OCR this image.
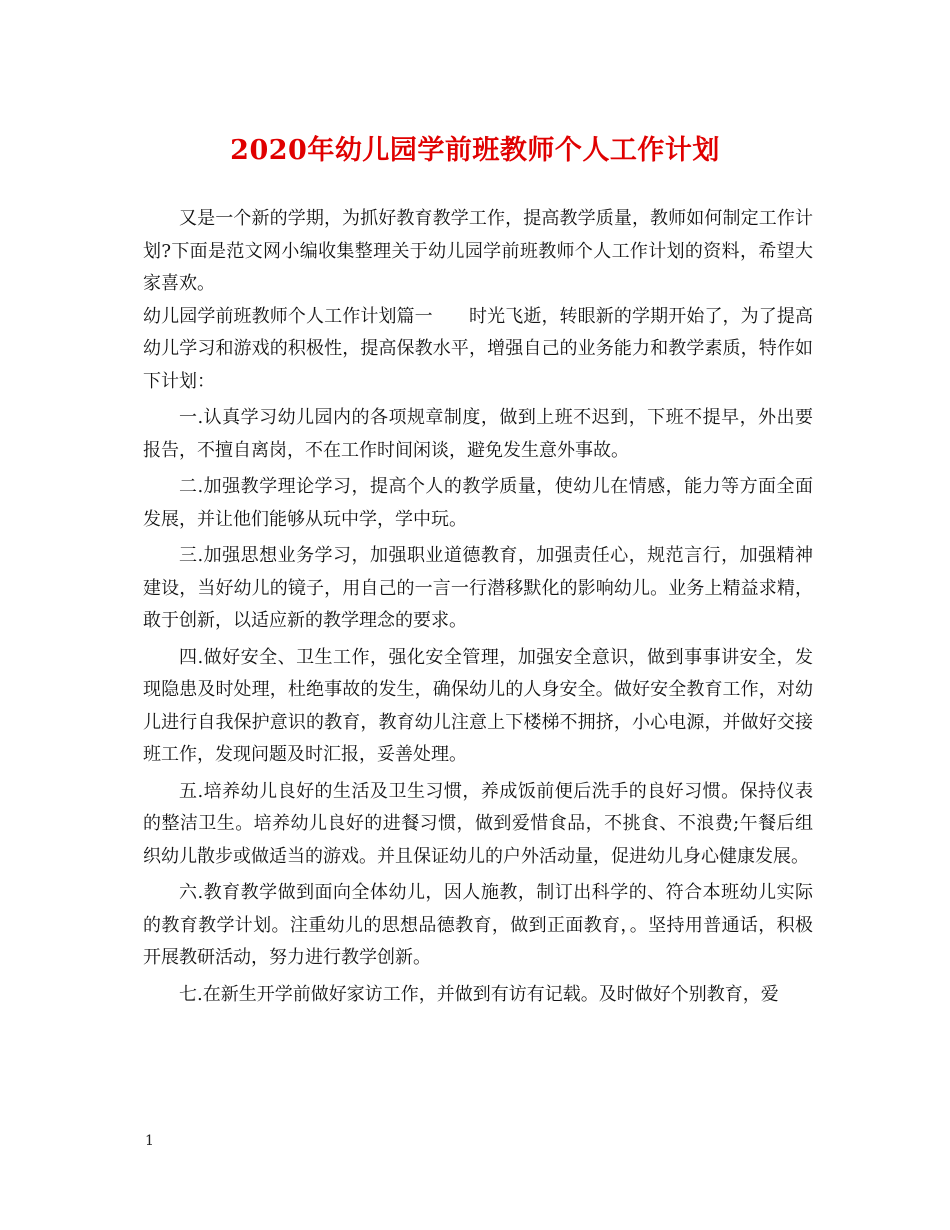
2020年幼儿园学前班教师个人工作计划

又是一个新的学期，为抓好教育教学工作，提高教学质量，教师如何制定工作计划?下面是范文网小编收集整理关于幼儿园学前班教师个人工作计划的资料，希望大家喜欢。

幼儿园学前班教师个人工作计划篇一　　时光飞逝，转眼新的学期开始了，为了提高幼儿学习和游戏的积极性，提高保教水平，增强自己的业务能力和教学素质，特作如下计划：

一.认真学习幼儿园内的各项规章制度，做到上班不迟到，下班不提早，外出要报告，不擅自离岗，不在工作时间闲谈，避免发生意外事故。

二.加强教学理论学习，提高个人的教学质量，使幼儿在情感，能力等方面全面发展，并让他们能够从玩中学，学中玩。

三.加强思想业务学习，加强职业道德教育，加强责任心，规范言行，加强精神建设，当好幼儿的镜子，用自己的一言一行潜移默化的影响幼儿。业务上精益求精，敢于创新，以适应新的教学理念的要求。

四.做好安全、卫生工作，强化安全管理，加强安全意识，做到事事讲安全，发现隐患及时处理，杜绝事故的发生，确保幼儿的人身安全。做好安全教育工作，对幼儿进行自我保护意识的教育，教育幼儿注意上下楼梯不拥挤，小心电源，并做好交接班工作，发现问题及时汇报，妥善处理。

五.培养幼儿良好的生活及卫生习惯，养成饭前便后洗手的良好习惯。保持仪表的整洁卫生。培养幼儿良好的进餐习惯，做到爱惜食品，不挑食、不浪费;午餐后组织幼儿散步或做适当的游戏。并且保证幼儿的户外活动量，促进幼儿身心健康发展。

六.教育教学做到面向全体幼儿，因人施教，制订出科学的、符合本班幼儿实际的教育教学计划。注重幼儿的思想品德教育，做到正面教育，。坚持用普通话，积极开展教研活动，努力进行教学创新。

七.在新生开学前做好家访工作，并做到有访有记载。及时做好个别教育，爱

1
